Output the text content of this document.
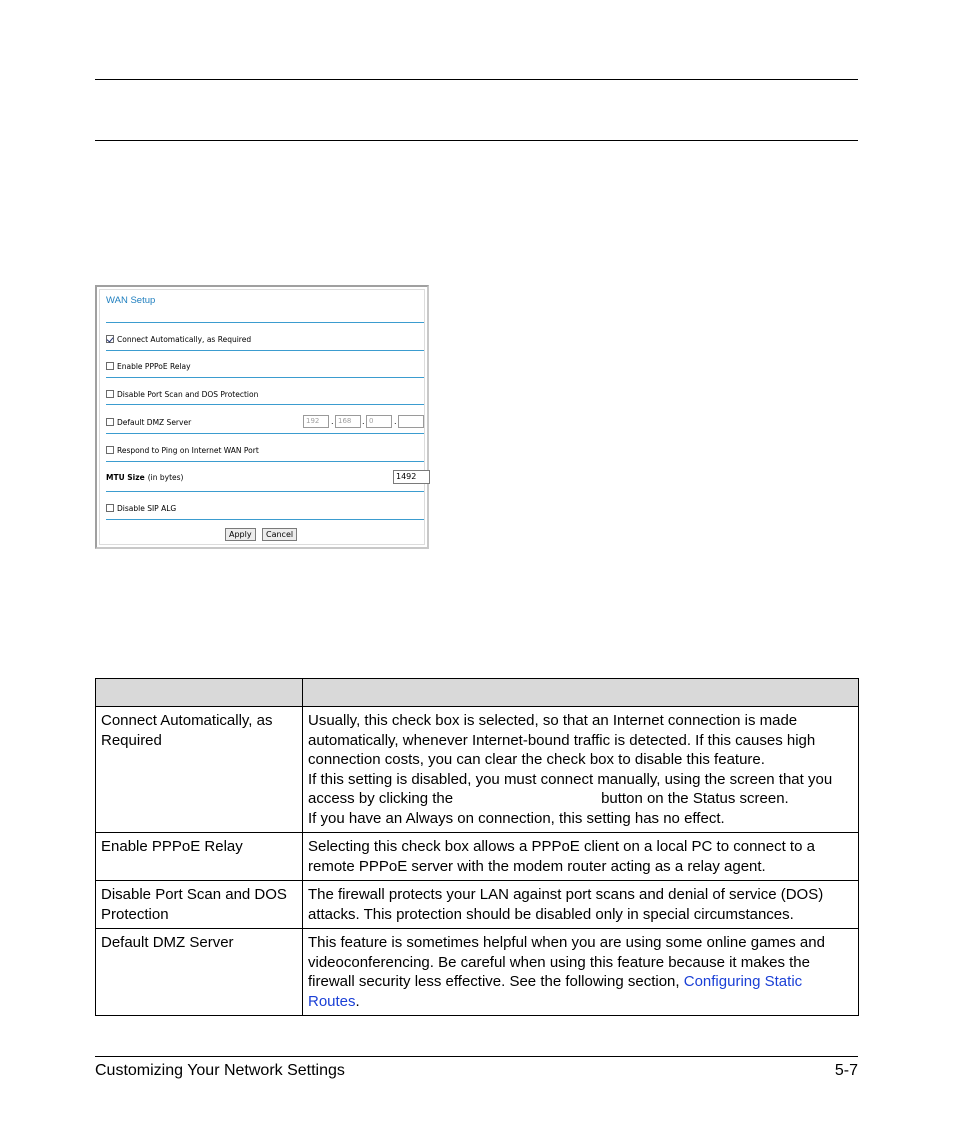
WAN Setup
Connect Automatically, as Required
Enable PPPoE Relay
Disable Port Scan and DOS Protection
Default DMZ Server	192	. 168	. 0	.
Respond to Ping on Internet WAN Port
MTU Size (in bytes)	1492
Disable SIP ALG
Apply	Cancel

Connect Automatically, as Required	Usually, this check box is selected, so that an Internet connection is made automatically, whenever Internet-bound traffic is detected. If this causes high connection costs, you can clear the check box to disable this feature.
If this setting is disabled, you must connect manually, using the screen that you access by clicking the button on the Status screen.
If you have an Always on connection, this setting has no effect.

Enable PPPoE Relay	Selecting this check box allows a PPPoE client on a local PC to connect to a remote PPPoE server with the modem router acting as a relay agent.
Disable Port Scan and DOS Protection	The firewall protects your LAN against port scans and denial of service (DOS) attacks. This protection should be disabled only in special circumstances.
Default DMZ Server	This feature is sometimes helpful when you are using some online games and videoconferencing. Be careful when using this feature because it makes the firewall security less effective. See the following section, Configuring Static Routes.
Customizing Your Network Settings	5-7
